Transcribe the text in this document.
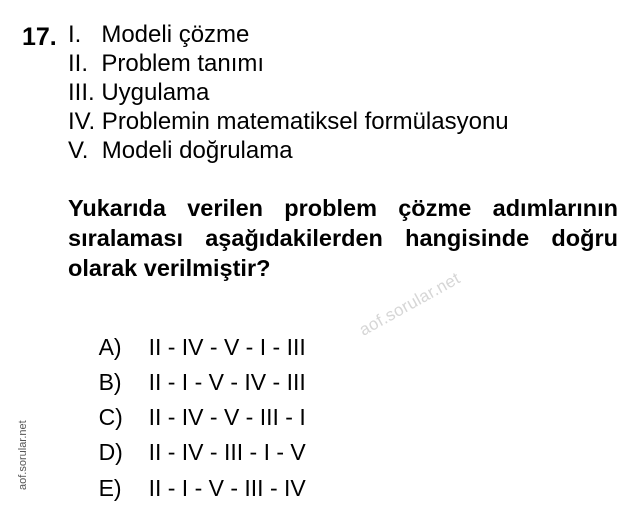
17. I.   Modeli çözme
II.  Problem tanımı
III. Uygulama
IV. Problemin matematiksel formülasyonu
V.  Modeli doğrulama
Yukarıda verilen problem çözme adımlarının sıralaması aşağıdakilerden hangisinde doğru olarak verilmiştir?

A) II - IV - V - I - III

B) II - I - V - IV - III

C) II - IV - V - III - I

D) II - IV - III - I - V

E) II - I - V - III - IV

aof.sorular.net
aof.sorular.net
